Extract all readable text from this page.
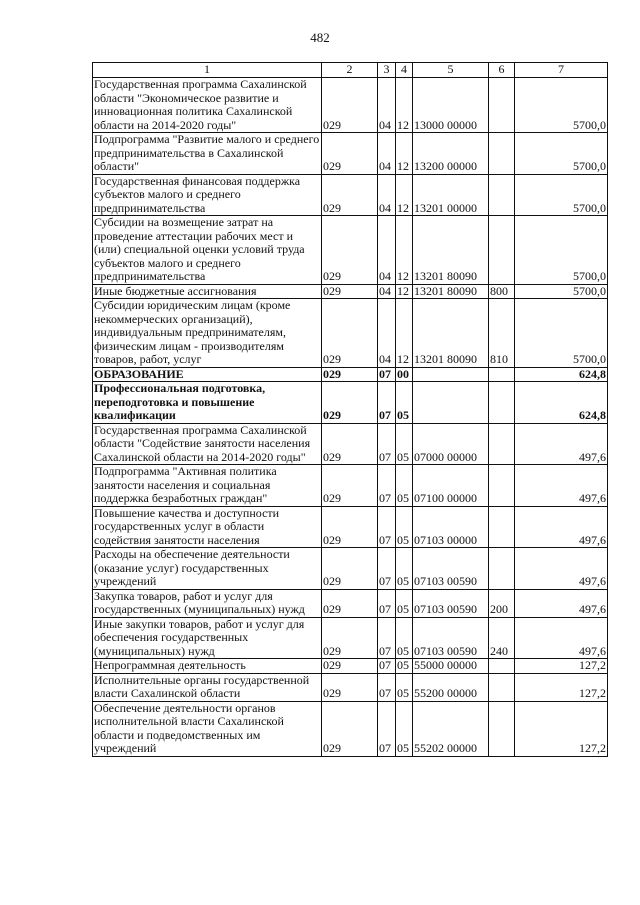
482
1	2	3	4	5	6	7
Государственная программа Сахалинской области "Экономическое развитие и инновационная политика Сахалинской области на 2014-2020 годы"	029	04	12	13000 00000		5700,0
Подпрограмма "Развитие малого и среднего предпринимательства в Сахалинской области"	029	04	12	13200 00000		5700,0
Государственная финансовая поддержка субъектов малого и среднего предпринимательства	029	04	12	13201 00000		5700,0
Субсидии на возмещение затрат на проведение аттестации рабочих мест и (или) специальной оценки условий труда субъектов малого и среднего предпринимательства	029	04	12	13201 80090		5700,0
Иные бюджетные ассигнования	029	04	12	13201 80090	800	5700,0
Субсидии юридическим лицам (кроме некоммерческих организаций), индивидуальным предпринимателям, физическим лицам - производителям товаров, работ, услуг	029	04	12	13201 80090	810	5700,0
ОБРАЗОВАНИЕ	029	07	00			624,8
Профессиональная подготовка, переподготовка и повышение квалификации	029	07	05			624,8
Государственная программа Сахалинской области "Содействие занятости населения Сахалинской области на 2014-2020 годы"	029	07	05	07000 00000		497,6
Подпрограмма "Активная политика занятости населения и социальная поддержка безработных граждан"	029	07	05	07100 00000		497,6
Повышение качества и доступности государственных услуг в области содействия занятости населения	029	07	05	07103 00000		497,6
Расходы на обеспечение деятельности (оказание услуг) государственных учреждений	029	07	05	07103 00590		497,6
Закупка товаров, работ и услуг для государственных (муниципальных) нужд	029	07	05	07103 00590	200	497,6
Иные закупки товаров, работ и услуг для обеспечения государственных (муниципальных) нужд	029	07	05	07103 00590	240	497,6
Непрограммная деятельность	029	07	05	55000 00000		127,2
Исполнительные органы государственной власти Сахалинской области	029	07	05	55200 00000		127,2
Обеспечение деятельности органов исполнительной власти Сахалинской области и подведомственных им учреждений	029	07	05	55202 00000		127,2
